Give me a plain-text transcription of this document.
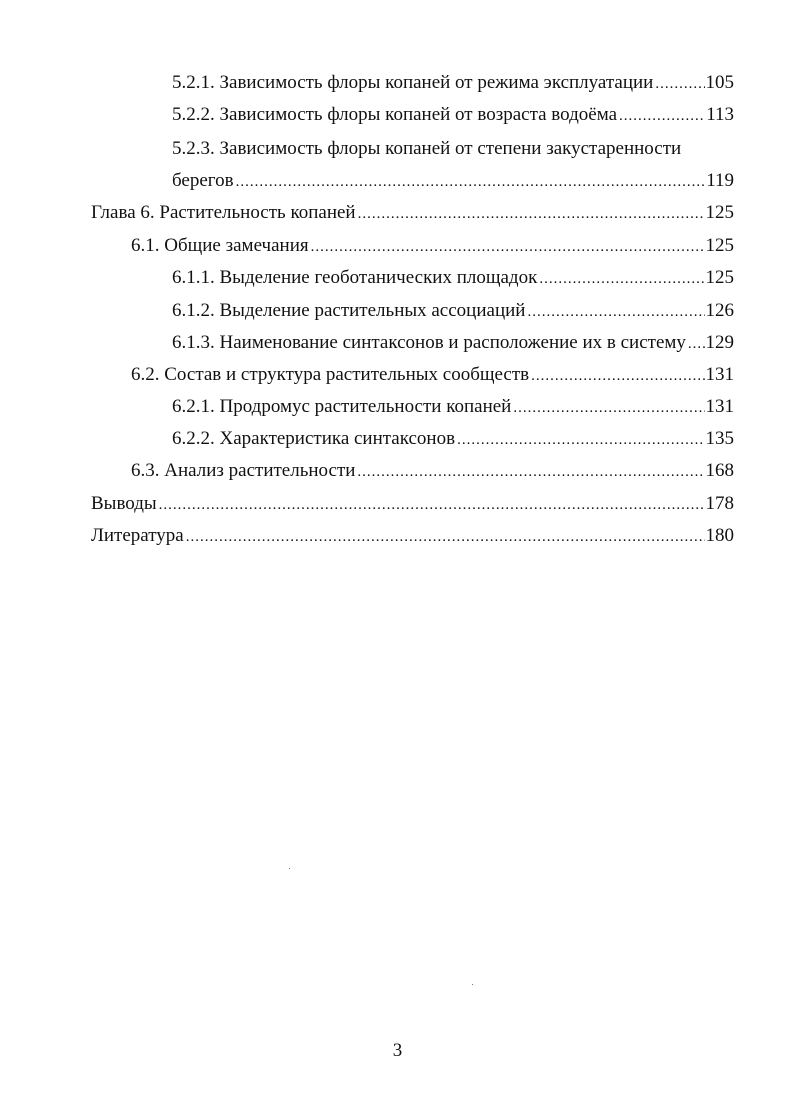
5.2.1. Зависимость флоры копаней от режима эксплуатации .....	105
5.2.2. Зависимость флоры копаней от возраста водоёма .....	113
5.2.3. Зависимость флоры копаней от степени закустаренности
берегов .....	119
Глава 6. Растительность копаней .....	125
6.1. Общие замечания .....	125
6.1.1. Выделение геоботанических площадок .....	125
6.1.2. Выделение растительных ассоциаций .....	126
6.1.3. Наименование синтаксонов и расположение их в систему ..... 129
6.2. Состав и структура растительных сообществ .....	131
6.2.1. Продромус растительности копаней .....	131
6.2.2. Характеристика синтаксонов .....	135
6.3. Анализ растительности .....	168
Выводы .....	178
Литература .....	180
3
